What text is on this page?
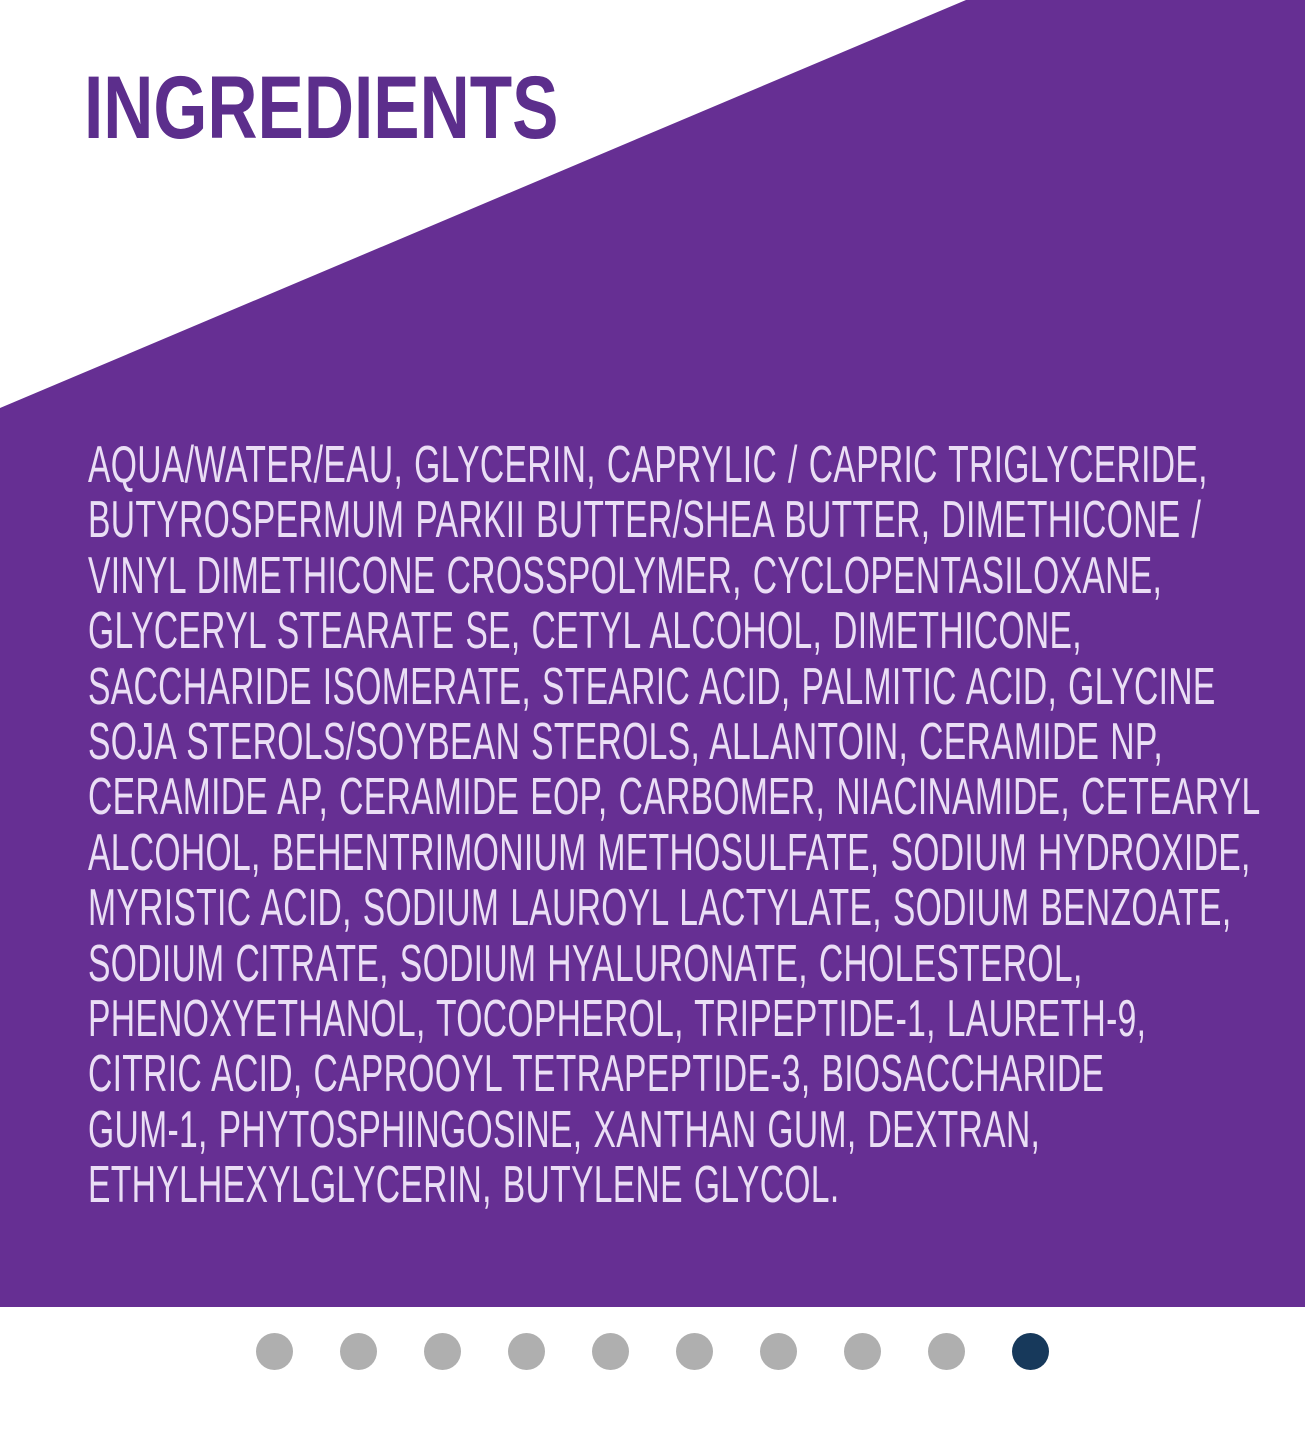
INGREDIENTS
AQUA/WATER/EAU, GLYCERIN, CAPRYLIC / CAPRIC TRIGLYCERIDE,
BUTYROSPERMUM PARKII BUTTER/SHEA BUTTER, DIMETHICONE /
VINYL DIMETHICONE CROSSPOLYMER, CYCLOPENTASILOXANE,
GLYCERYL STEARATE SE, CETYL ALCOHOL, DIMETHICONE,
SACCHARIDE ISOMERATE, STEARIC ACID, PALMITIC ACID, GLYCINE
SOJA STEROLS/SOYBEAN STEROLS, ALLANTOIN, CERAMIDE NP,
CERAMIDE AP, CERAMIDE EOP, CARBOMER, NIACINAMIDE, CETEARYL
ALCOHOL, BEHENTRIMONIUM METHOSULFATE, SODIUM HYDROXIDE,
MYRISTIC ACID, SODIUM LAUROYL LACTYLATE, SODIUM BENZOATE,
SODIUM CITRATE, SODIUM HYALURONATE, CHOLESTEROL,
PHENOXYETHANOL, TOCOPHEROL, TRIPEPTIDE-1, LAURETH-9,
CITRIC ACID, CAPROOYL TETRAPEPTIDE-3, BIOSACCHARIDE
GUM-1, PHYTOSPHINGOSINE, XANTHAN GUM, DEXTRAN,
ETHYLHEXYLGLYCERIN, BUTYLENE GLYCOL.
